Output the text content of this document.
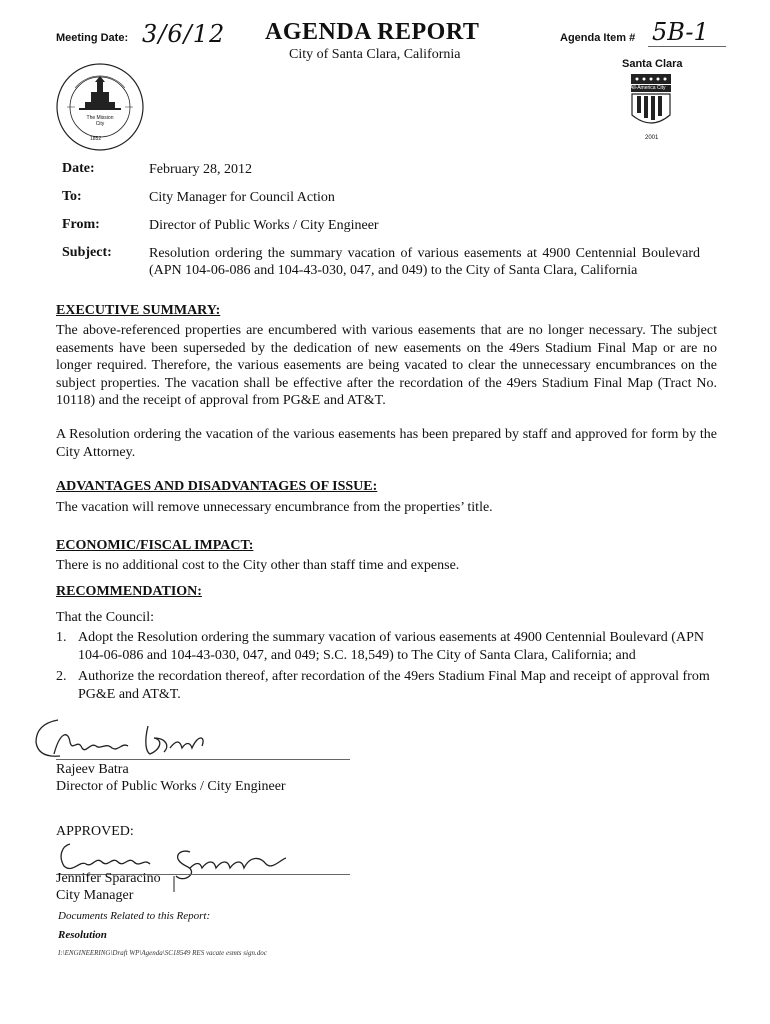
Meeting Date: 3/6/12 AGENDA REPORT
City of Santa Clara, California
Agenda Item # 5B-1
The Mission City
1852
Santa Clara
All-America City
2001
Date:	February 28, 2012
To:	City Manager for Council Action
From:	Director of Public Works / City Engineer
Subject:	Resolution ordering the summary vacation of various easements at 4900 Centennial Boulevard (APN 104-06-086 and 104-43-030, 047, and 049) to the City of Santa Clara, California
EXECUTIVE SUMMARY:
The above-referenced properties are encumbered with various easements that are no longer necessary. The subject easements have been superseded by the dedication of new easements on the 49ers Stadium Final Map or are no longer required. Therefore, the various easements are being vacated to clear the unnecessary encumbrances on the subject properties. The vacation shall be effective after the recordation of the 49ers Stadium Final Map (Tract No. 10118) and the receipt of approval from PG&E and AT&T.
A Resolution ordering the vacation of the various easements has been prepared by staff and approved for form by the City Attorney.
ADVANTAGES AND DISADVANTAGES OF ISSUE:
The vacation will remove unnecessary encumbrance from the properties’ title.
ECONOMIC/FISCAL IMPACT:
There is no additional cost to the City other than staff time and expense.
RECOMMENDATION:
That the Council:
1. Adopt the Resolution ordering the summary vacation of various easements at 4900 Centennial Boulevard (APN 104-06-086 and 104-43-030, 047, and 049; S.C. 18,549) to The City of Santa Clara, California; and
2. Authorize the recordation thereof, after recordation of the 49ers Stadium Final Map and receipt of approval from PG&E and AT&T.
Rajeev Batra
Director of Public Works / City Engineer
APPROVED:
Jennifer Sparacino
City Manager
Documents Related to this Report:
Resolution
I:\ENGINEERING\Draft WP\Agenda\SC18549 RES vacate esmts sign.doc
